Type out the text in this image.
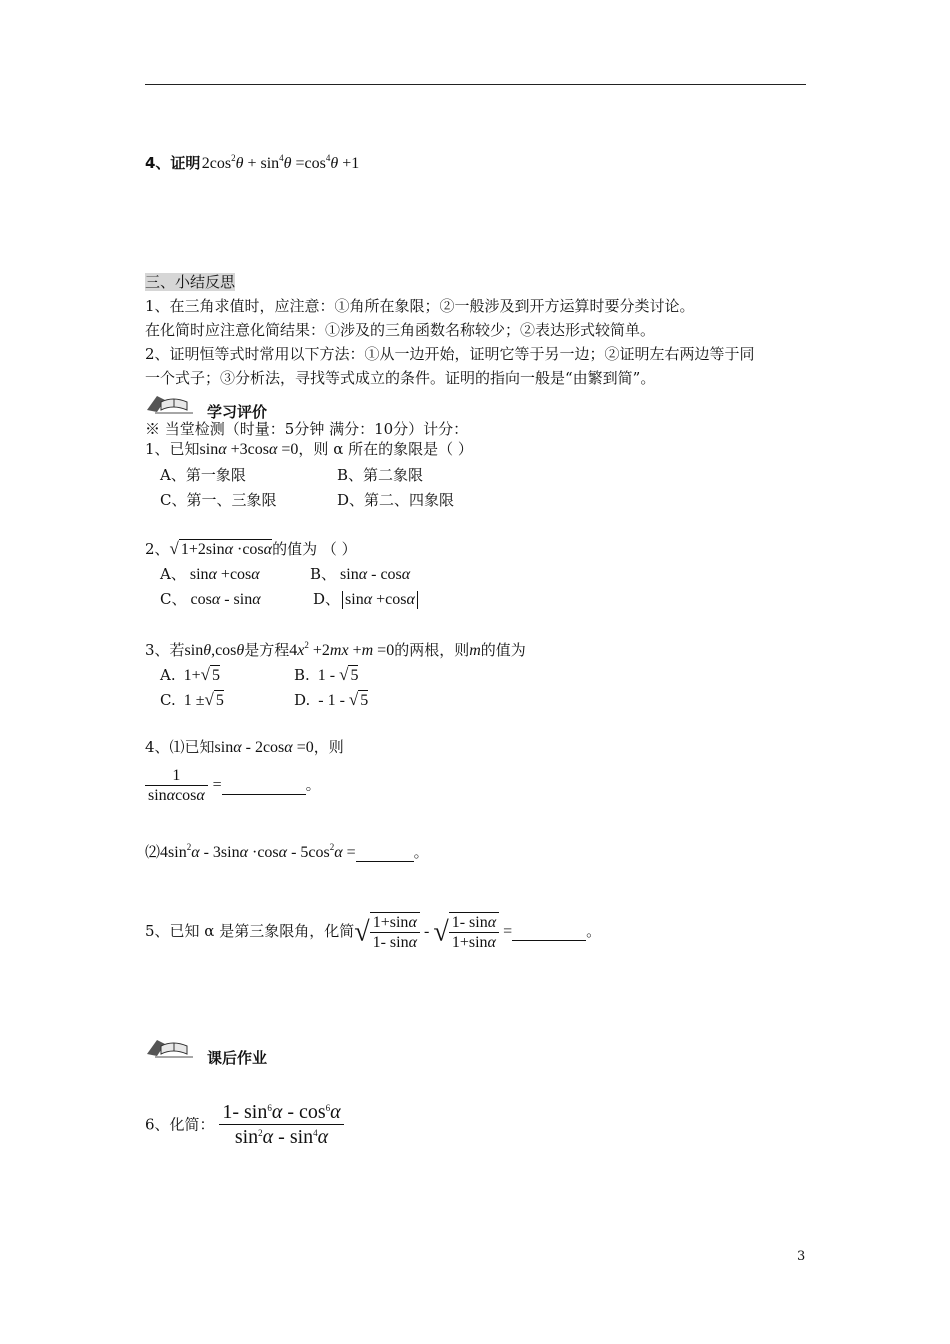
4、证明 $2\cos^2\theta + \sin^4\theta =\cos^4\theta +1$
三、小结反思
1、在三角求值时，应注意：①角所在象限；②一般涉及到开方运算时要分类讨论。
在化简时应注意化简结果：①涉及的三角函数名称较少；②表达形式较简单。
2、证明恒等式时常用以下方法：①从一边开始，证明它等于另一边；②证明左右两边等于同
一个式子；③分析法，寻找等式成立的条件。证明的指向一般是“由繁到简”。
学习评价
※ 当堂检测（时量：5分钟 满分：10分）计分：
1、已知sinα +3cosα =0，则 α 所在的象限是（ ）
A、第一象限	B、第二象限
C、第一、三象限	D、第二、四象限
2、√ 1+2sinα ·cosα的值为 （ ）
A、 sinα +cosα	B、 sinα - cosα
C、 cosα - sinα	D、 sinα +cosα
3、若sinθ,cosθ是方程$4x^2 +2mx +m =0$的两根，则m的值为
A.  1+√ 5	B.  1 - √ 5
C.  1 ±√ 5	D.  - 1 - √ 5
4、⑴已知sinα - 2cosα =0，则
$\frac{1}{\sin\alpha\cos\alpha}$ =	。
$⑵4\sin^2\alpha - 3\sin\alpha \cdot\cos\alpha - 5\cos^2\alpha$ =	。
5、已知 α 是第三象限角，化简√ $\frac{1+\sin\alpha}{1- \sin\alpha}$ - √ $\frac{1- \sin\alpha}{1+\sin\alpha}$ =	。
课后作业
6、化简： $\frac{1- \sin^6\alpha - \cos^6\alpha}{\sin^2\alpha - \sin^4\alpha}$
3
